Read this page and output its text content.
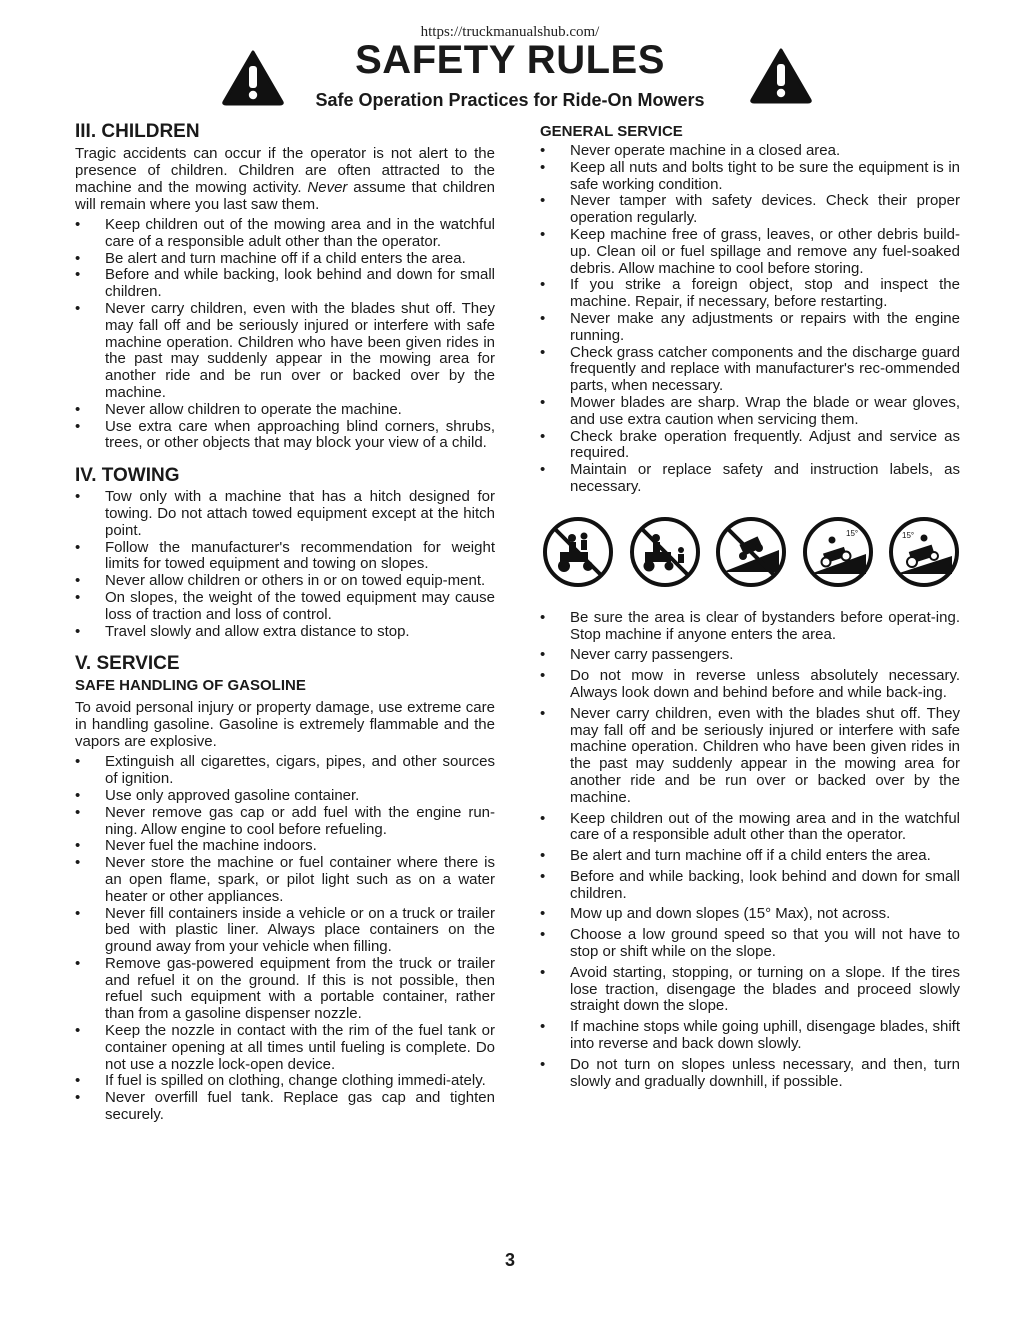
https://truckmanualshub.com/
SAFETY RULES
Safe Operation Practices for Ride-On Mowers
III. CHILDREN

Tragic accidents can occur if the operator is not alert to the presence of children. Children are often attracted to the machine and the mowing activity. Never assume that children will remain where you last saw them.

• Keep children out of the mowing area and in the watchful care of a responsible adult other than the operator.
• Be alert and turn machine off if a child enters the area.
• Before and while backing, look behind and down for small children.
• Never carry children, even with the blades shut off. They may fall off and be seriously injured or interfere with safe machine operation. Children who have been given rides in the past may suddenly appear in the mowing area for another ride and be run over or backed over by the machine.
• Never allow children to operate the machine.
• Use extra care when approaching blind corners, shrubs, trees, or other objects that may block your view of a child.
IV. TOWING
• Tow only with a machine that has a hitch designed for towing. Do not attach towed equipment except at the hitch point.
• Follow the manufacturer's recommendation for weight limits for towed equipment and towing on slopes.
• Never allow children or others in or on towed equip-ment.
• On slopes, the weight of the towed equipment may cause loss of traction and loss of control.
• Travel slowly and allow extra distance to stop.
V. SERVICE
SAFE HANDLING OF GASOLINE

To avoid personal injury or property damage, use extreme care in handling gasoline. Gasoline is extremely flammable and the vapors are explosive.

• Extinguish all cigarettes, cigars, pipes, and other sources of ignition.
• Use only approved gasoline container.
• Never remove gas cap or add fuel with the engine run-ning. Allow engine to cool before refueling.
• Never fuel the machine indoors.
• Never store the machine or fuel container where there is an open flame, spark, or pilot light such as on a water heater or other appliances.
• Never fill containers inside a vehicle or on a truck or trailer bed with plastic liner. Always place containers on the ground away from your vehicle when filling.
• Remove gas-powered equipment from the truck or trailer and refuel it on the ground. If this is not possible, then refuel such equipment with a portable container, rather than from a gasoline dispenser nozzle.
• Keep the nozzle in contact with the rim of the fuel tank or container opening at all times until fueling is complete. Do not use a nozzle lock-open device.
• If fuel is spilled on clothing, change clothing immedi-ately.
• Never overfill fuel tank. Replace gas cap and tighten securely.
GENERAL SERVICE
• Never operate machine in a closed area.
• Keep all nuts and bolts tight to be sure the equipment is in safe working condition.
• Never tamper with safety devices. Check their proper operation regularly.
• Keep machine free of grass, leaves, or other debris build-up. Clean oil or fuel spillage and remove any fuel-soaked debris. Allow machine to cool before storing.
• If you strike a foreign object, stop and inspect the machine. Repair, if necessary, before restarting.
• Never make any adjustments or repairs with the engine running.
• Check grass catcher components and the discharge guard frequently and replace with manufacturer's rec-ommended parts, when necessary.
• Mower blades are sharp. Wrap the blade or wear gloves, and use extra caution when servicing them.
• Check brake operation frequently. Adjust and service as required.
• Maintain or replace safety and instruction labels, as necessary.
15°	15°
• Be sure the area is clear of bystanders before operat-ing. Stop machine if anyone enters the area.
• Never carry passengers.
• Do not mow in reverse unless absolutely necessary. Always look down and behind before and while back-ing.
• Never carry children, even with the blades shut off. They may fall off and be seriously injured or interfere with safe machine operation. Children who have been given rides in the past may suddenly appear in the mowing area for another ride and be run over or backed over by the machine.
• Keep children out of the mowing area and in the watchful care of a responsible adult other than the operator.
• Be alert and turn machine off if a child enters the area.
• Before and while backing, look behind and down for small children.
• Mow up and down slopes (15° Max), not across.
• Choose a low ground speed so that you will not have to stop or shift while on the slope.
• Avoid starting, stopping, or turning on a slope. If the tires lose traction, disengage the blades and proceed slowly straight down the slope.
• If machine stops while going uphill, disengage blades, shift into reverse and back down slowly.
• Do not turn on slopes unless necessary, and then, turn slowly and gradually downhill, if possible.
3
